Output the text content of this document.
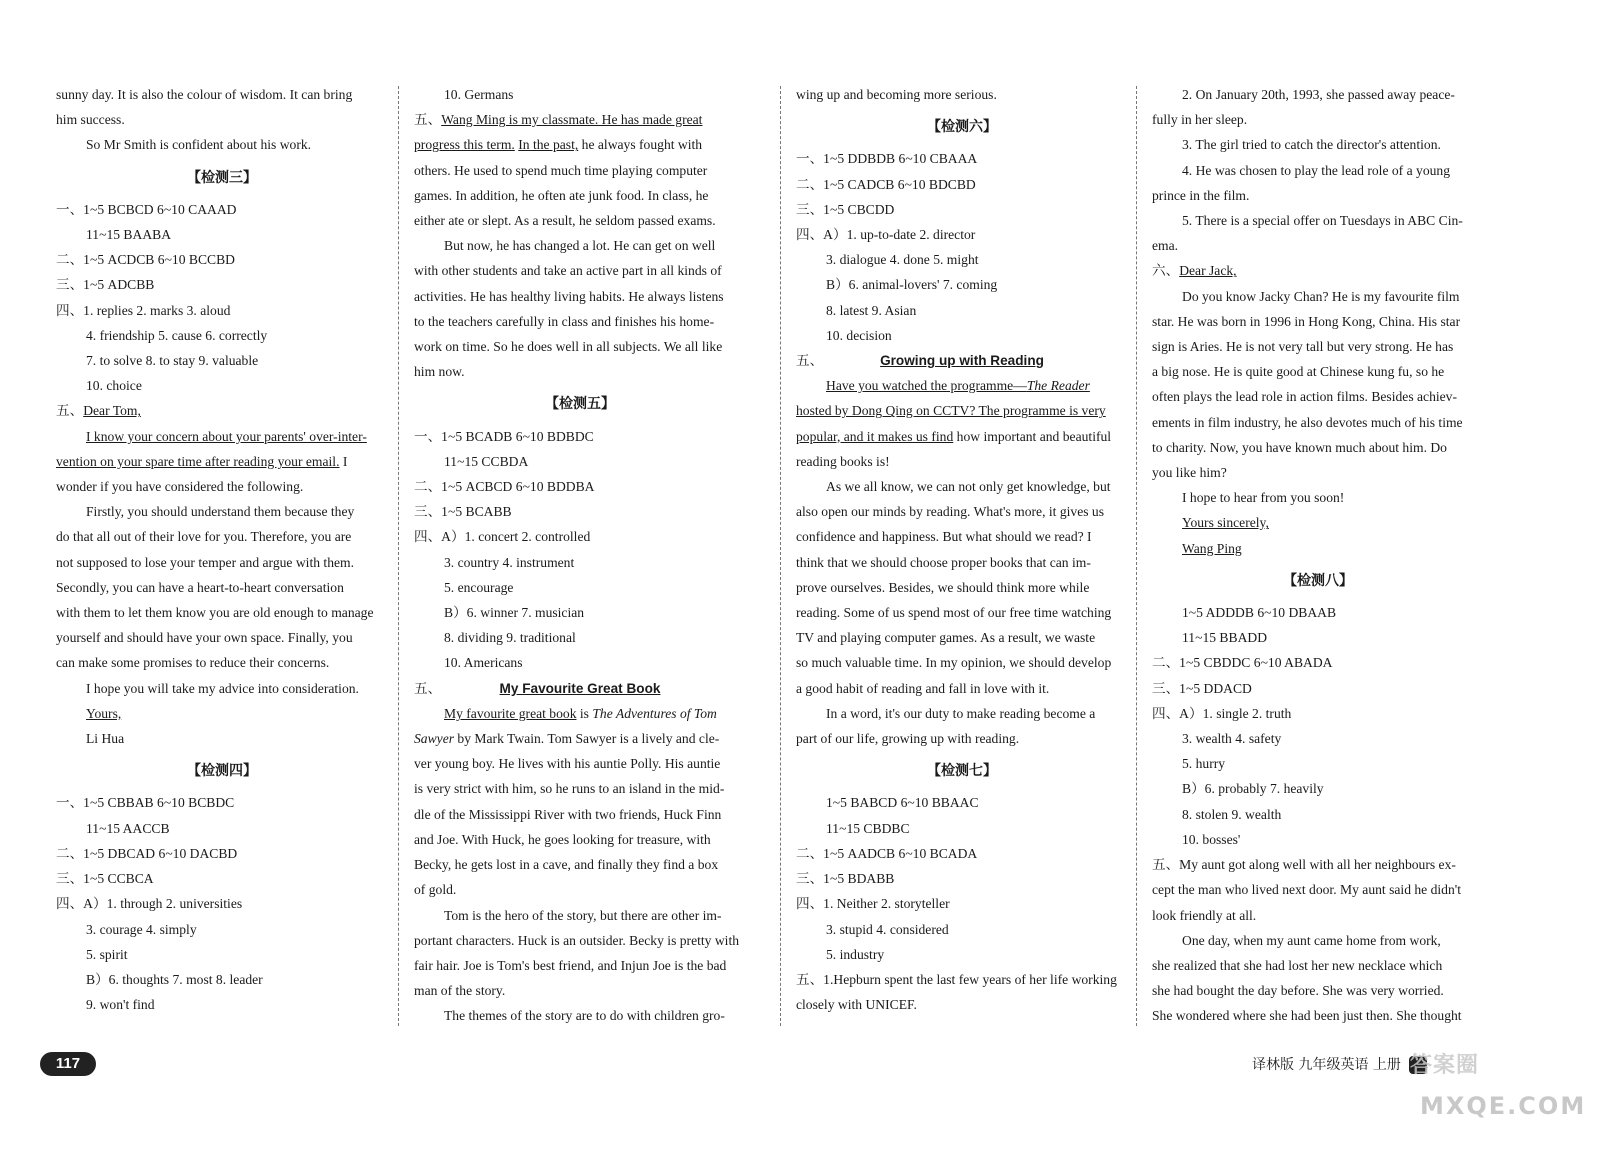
sunny day. It is also the colour of wisdom. It can bring
him success.
So Mr Smith is confident about his work.
【检测三】
一、1~5 BCBCD 6~10 CAAAD
11~15 BAABA
二、1~5 ACDCB 6~10 BCCBD
三、1~5 ADCBB
四、1. replies 2. marks 3. aloud
4. friendship 5. cause 6. correctly
7. to solve 8. to stay 9. valuable
10. choice
五、Dear Tom,
I know your concern about your parents' over-inter-
vention on your spare time after reading your email. I
wonder if you have considered the following.
Firstly, you should understand them because they
do that all out of their love for you. Therefore, you are
not supposed to lose your temper and argue with them.
Secondly, you can have a heart-to-heart conversation
with them to let them know you are old enough to manage
yourself and should have your own space. Finally, you
can make some promises to reduce their concerns.
I hope you will take my advice into consideration.
Yours,
Li Hua
【检测四】
一、1~5 CBBAB 6~10 BCBDC
11~15 AACCB
二、1~5 DBCAD 6~10 DACBD
三、1~5 CCBCA
四、A）1. through 2. universities
3. courage 4. simply
5. spirit
B）6. thoughts 7. most 8. leader
9. won't find
10. Germans
五、Wang Ming is my classmate. He has made great
progress this term. In the past, he always fought with
others. He used to spend much time playing computer
games. In addition, he often ate junk food. In class, he
either ate or slept. As a result, he seldom passed exams.
But now, he has changed a lot. He can get on well
with other students and take an active part in all kinds of
activities. He has healthy living habits. He always listens
to the teachers carefully in class and finishes his home-
work on time. So he does well in all subjects. We all like
him now.
【检测五】
一、1~5 BCADB 6~10 BDBDC
11~15 CCBDA
二、1~5 ACBCD 6~10 BDDBA
三、1~5 BCABB
四、A）1. concert 2. controlled
3. country 4. instrument
5. encourage
B）6. winner 7. musician
8. dividing 9. traditional
10. Americans
五、	My Favourite Great Book
My favourite great book is The Adventures of Tom
Sawyer by Mark Twain. Tom Sawyer is a lively and cle-
ver young boy. He lives with his auntie Polly. His auntie
is very strict with him, so he runs to an island in the mid-
dle of the Mississippi River with two friends, Huck Finn
and Joe. With Huck, he goes looking for treasure, with
Becky, he gets lost in a cave, and finally they find a box
of gold.
Tom is the hero of the story, but there are other im-
portant characters. Huck is an outsider. Becky is pretty with
fair hair. Joe is Tom's best friend, and Injun Joe is the bad
man of the story.
The themes of the story are to do with children gro-
wing up and becoming more serious.
【检测六】
一、1~5 DDBDB 6~10 CBAAA
二、1~5 CADCB 6~10 BDCBD
三、1~5 CBCDD
四、A）1. up-to-date 2. director
3. dialogue 4. done 5. might
B）6. animal-lovers' 7. coming
8. latest 9. Asian
10. decision
五、	Growing up with Reading
Have you watched the programme—The Reader
hosted by Dong Qing on CCTV? The programme is very
popular, and it makes us find how important and beautiful
reading books is!
As we all know, we can not only get knowledge, but
also open our minds by reading. What's more, it gives us
confidence and happiness. But what should we read? I
think that we should choose proper books that can im-
prove ourselves. Besides, we should think more while
reading. Some of us spend most of our free time watching
TV and playing computer games. As a result, we waste
so much valuable time. In my opinion, we should develop
a good habit of reading and fall in love with it.
In a word, it's our duty to make reading become a
part of our life, growing up with reading.
【检测七】
1~5 BABCD 6~10 BBAAC
11~15 CBDBC
二、1~5 AADCB 6~10 BCADA
三、1~5 BDABB
四、1. Neither 2. storyteller
3. stupid 4. considered
5. industry
五、1.Hepburn spent the last few years of her life working
closely with UNICEF.
2. On January 20th, 1993, she passed away peace-
fully in her sleep.
3. The girl tried to catch the director's attention.
4. He was chosen to play the lead role of a young
prince in the film.
5. There is a special offer on Tuesdays in ABC Cin-
ema.
六、Dear Jack,
Do you know Jacky Chan? He is my favourite film
star. He was born in 1996 in Hong Kong, China. His star
sign is Aries. He is not very tall but very strong. He has
a big nose. He is quite good at Chinese kung fu, so he
often plays the lead role in action films. Besides achiev-
ements in film industry, he also devotes much of his time
to charity. Now, you have known much about him. Do
you like him?
I hope to hear from you soon!
Yours sincerely,
Wang Ping
【检测八】
1~5 ADDDB 6~10 DBAAB
11~15 BBADD
二、1~5 CBDDC 6~10 ABADA
三、1~5 DDACD
四、A）1. single 2. truth
3. wealth 4. safety
5. hurry
B）6. probably 7. heavily
8. stolen 9. wealth
10. bosses'
五、My aunt got along well with all her neighbours ex-
cept the man who lived next door. My aunt said he didn't
look friendly at all.
One day, when my aunt came home from work,
she realized that she had lost her new necklace which
she had bought the day before. She was very worried.
She wondered where she had been just then. She thought
117	译林版 九年级英语 上册 答案圈
MXQE.COM
